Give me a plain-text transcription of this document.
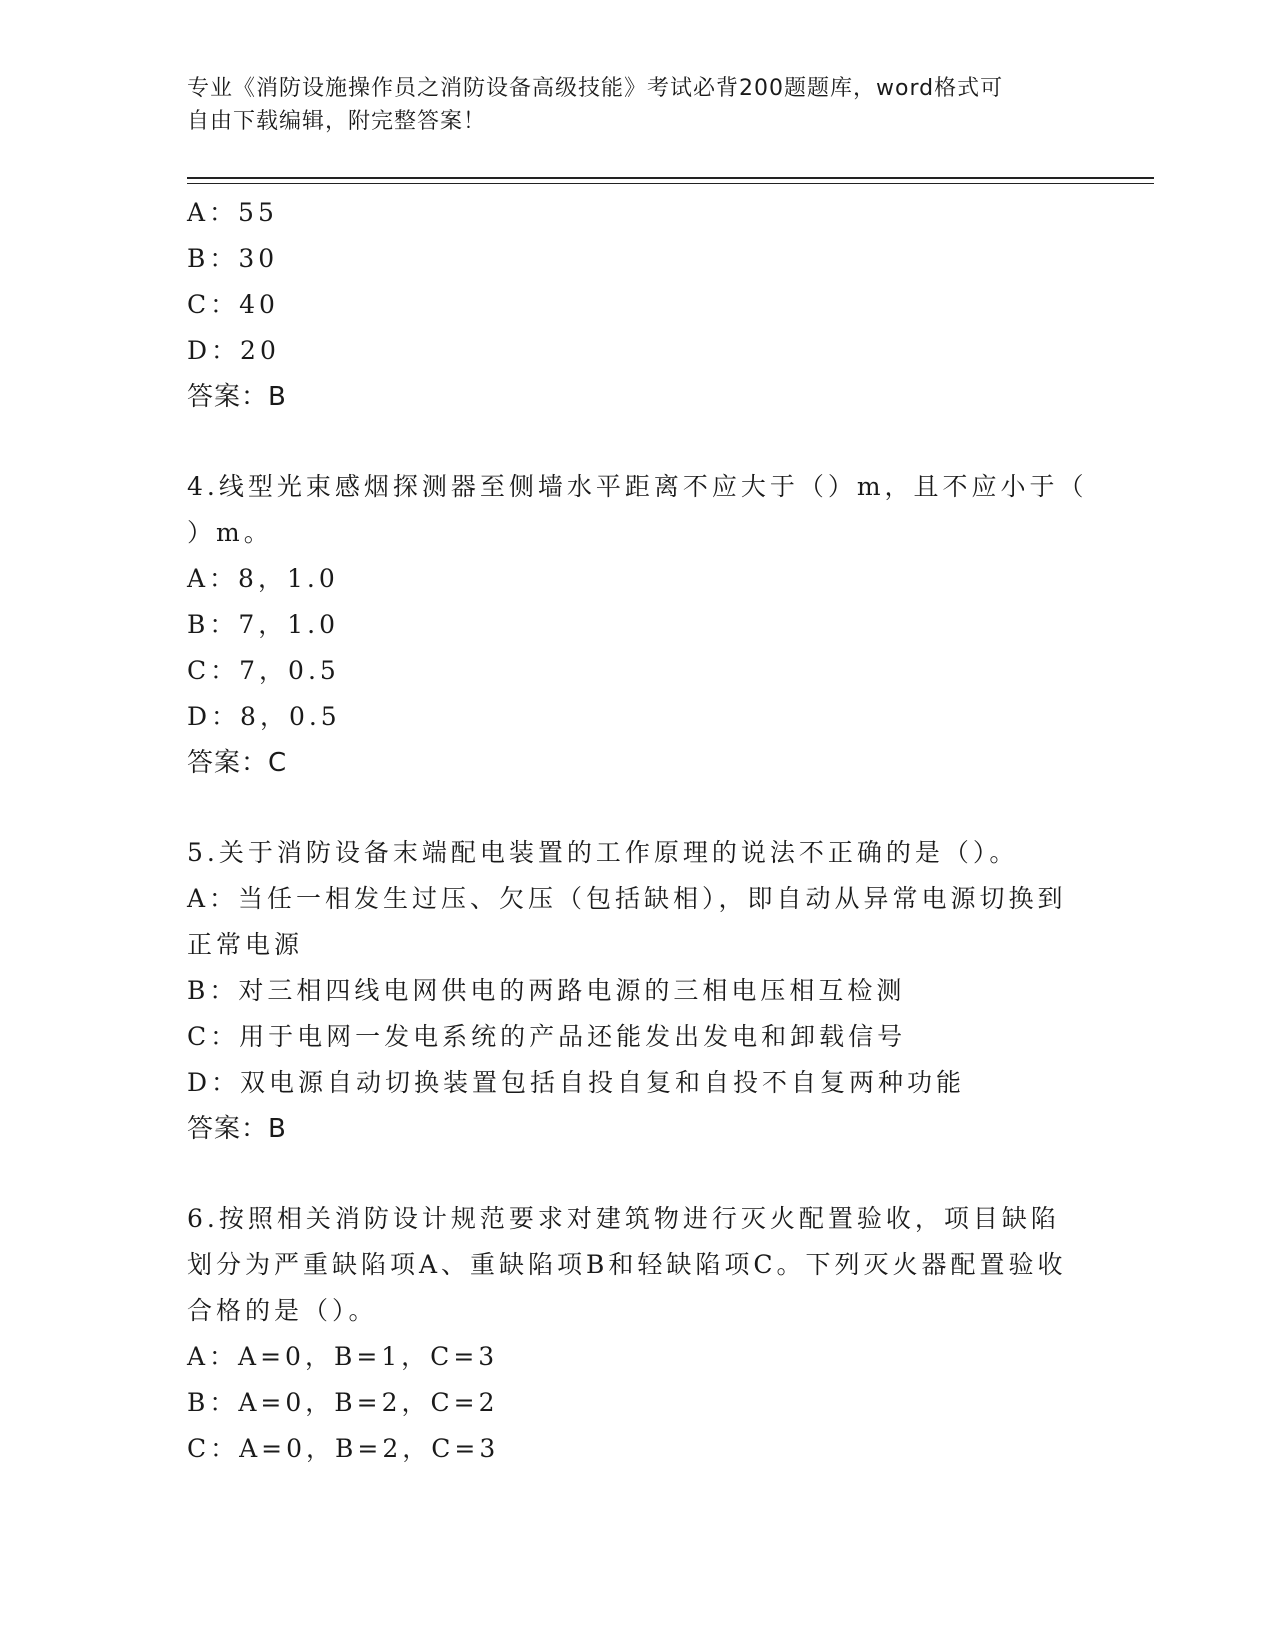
专业《消防设施操作员之消防设备高级技能》考试必背200题题库，word格式可
自由下载编辑，附完整答案！
A：55
B：30
C：40
D：20
答案：B
4.线型光束感烟探测器至侧墙水平距离不应大于（）m，且不应小于（
）m。
A：8，1.0
B：7，1.0
C：7，0.5
D：8，0.5
答案：C
5.关于消防设备末端配电装置的工作原理的说法不正确的是（）。
A：当任一相发生过压、欠压（包括缺相），即自动从异常电源切换到
正常电源
B：对三相四线电网供电的两路电源的三相电压相互检测
C：用于电网一发电系统的产品还能发出发电和卸载信号
D：双电源自动切换装置包括自投自复和自投不自复两种功能
答案：B
6.按照相关消防设计规范要求对建筑物进行灭火配置验收，项目缺陷
划分为严重缺陷项A、重缺陷项B和轻缺陷项C。下列灭火器配置验收
合格的是（）。
A：A=0，B=1，C=3
B：A=0，B=2，C=2
C：A=0，B=2，C=3
